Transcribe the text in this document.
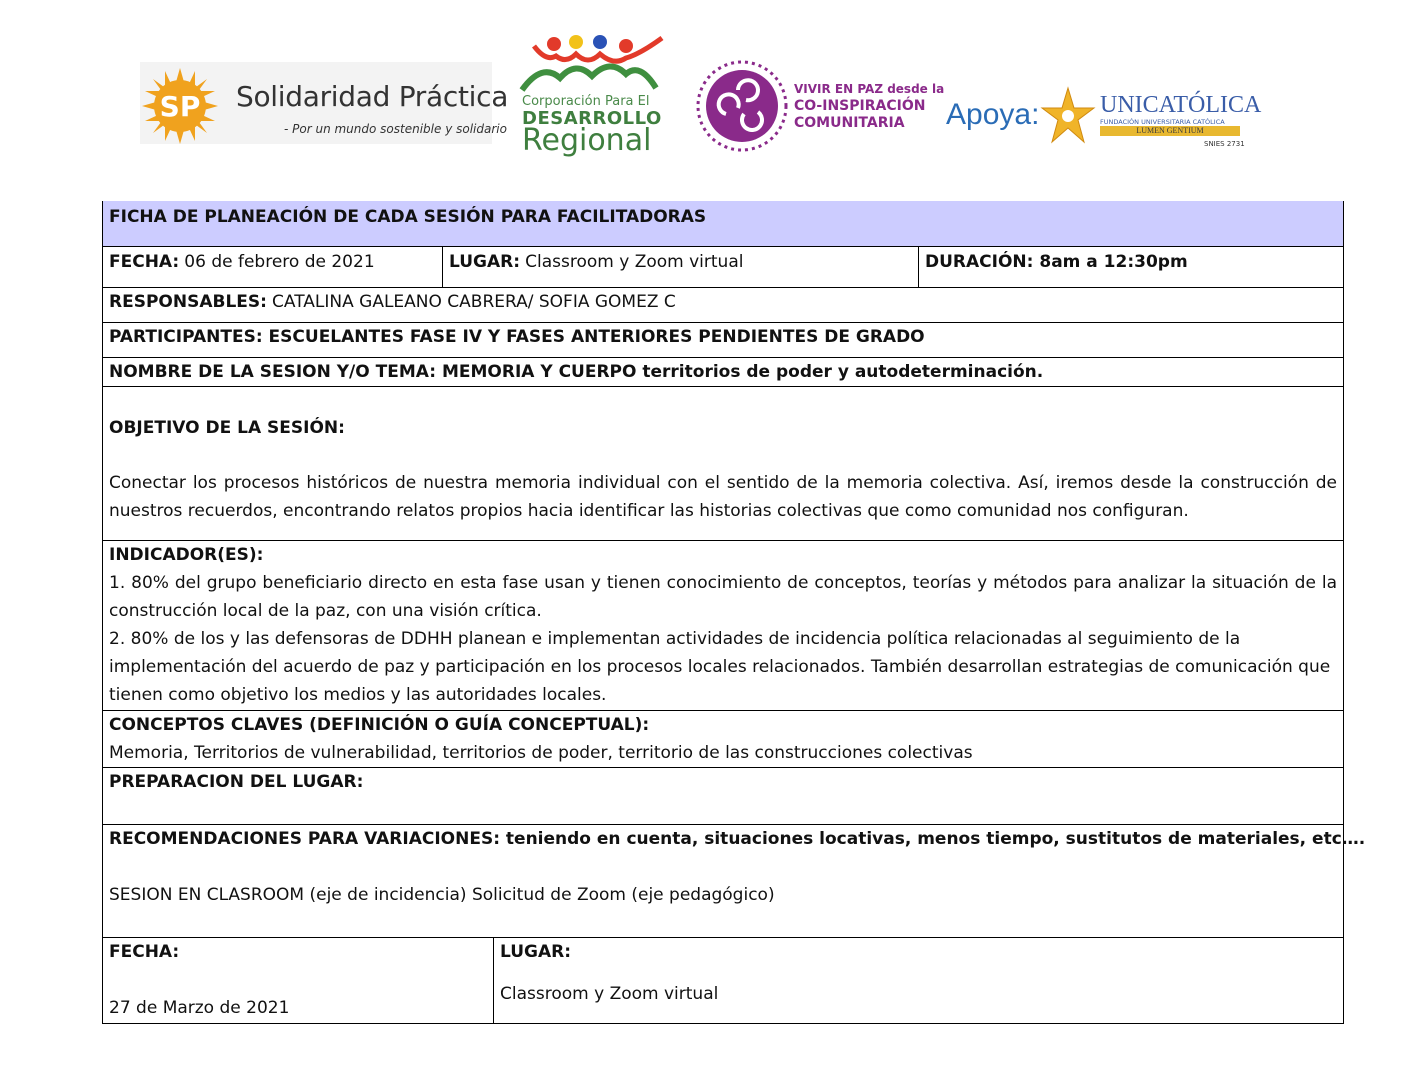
SP Solidaridad Práctica
- Por un mundo sostenible y solidario
Corporación Para El
DESARROLLO
Regional
VIVIR EN PAZ desde la
CO-INSPIRACIÓN
COMUNITARIA Apoya:	UNICATÓLICA
FUNDACIÓN UNIVERSITARIA CATÓLICA
LUMEN GENTIUM
SNIES 2731
FICHA DE PLANEACIÓN DE CADA SESIÓN PARA FACILITADORAS
FECHA: 06 de febrero de 2021	LUGAR: Classroom y Zoom virtual	DURACIÓN: 8am a 12:30pm
RESPONSABLES: CATALINA GALEANO CABRERA/ SOFIA GOMEZ C
PARTICIPANTES: ESCUELANTES FASE IV Y FASES ANTERIORES PENDIENTES DE GRADO
NOMBRE DE LA SESION Y/O TEMA: MEMORIA Y CUERPO territorios de poder y autodeterminación.
OBJETIVO DE LA SESIÓN:
Conectar los procesos históricos de nuestra memoria individual con el sentido de la memoria colectiva. Así, iremos desde la construcción de nuestros recuerdos, encontrando relatos propios hacia identificar las historias colectivas que como comunidad nos configuran.
INDICADOR(ES):
1. 80% del grupo beneficiario directo en esta fase usan y tienen conocimiento de conceptos, teorías y métodos para analizar la situación de la construcción local de la paz, con una visión crítica.
2. 80% de los y las defensoras de DDHH planean e implementan actividades de incidencia política relacionadas al seguimiento de la implementación del acuerdo de paz y participación en los procesos locales relacionados. También desarrollan estrategias de comunicación que tienen como objetivo los medios y las autoridades locales.
CONCEPTOS CLAVES (DEFINICIÓN O GUÍA CONCEPTUAL):
Memoria, Territorios de vulnerabilidad, territorios de poder, territorio de las construcciones colectivas
PREPARACION DEL LUGAR:
RECOMENDACIONES PARA VARIACIONES: teniendo en cuenta, situaciones locativas, menos tiempo, sustitutos de materiales, etc….
SESION EN CLASROOM (eje de incidencia) Solicitud de Zoom (eje pedagógico)
FECHA:
27 de Marzo de 2021
LUGAR:
Classroom y Zoom virtual
